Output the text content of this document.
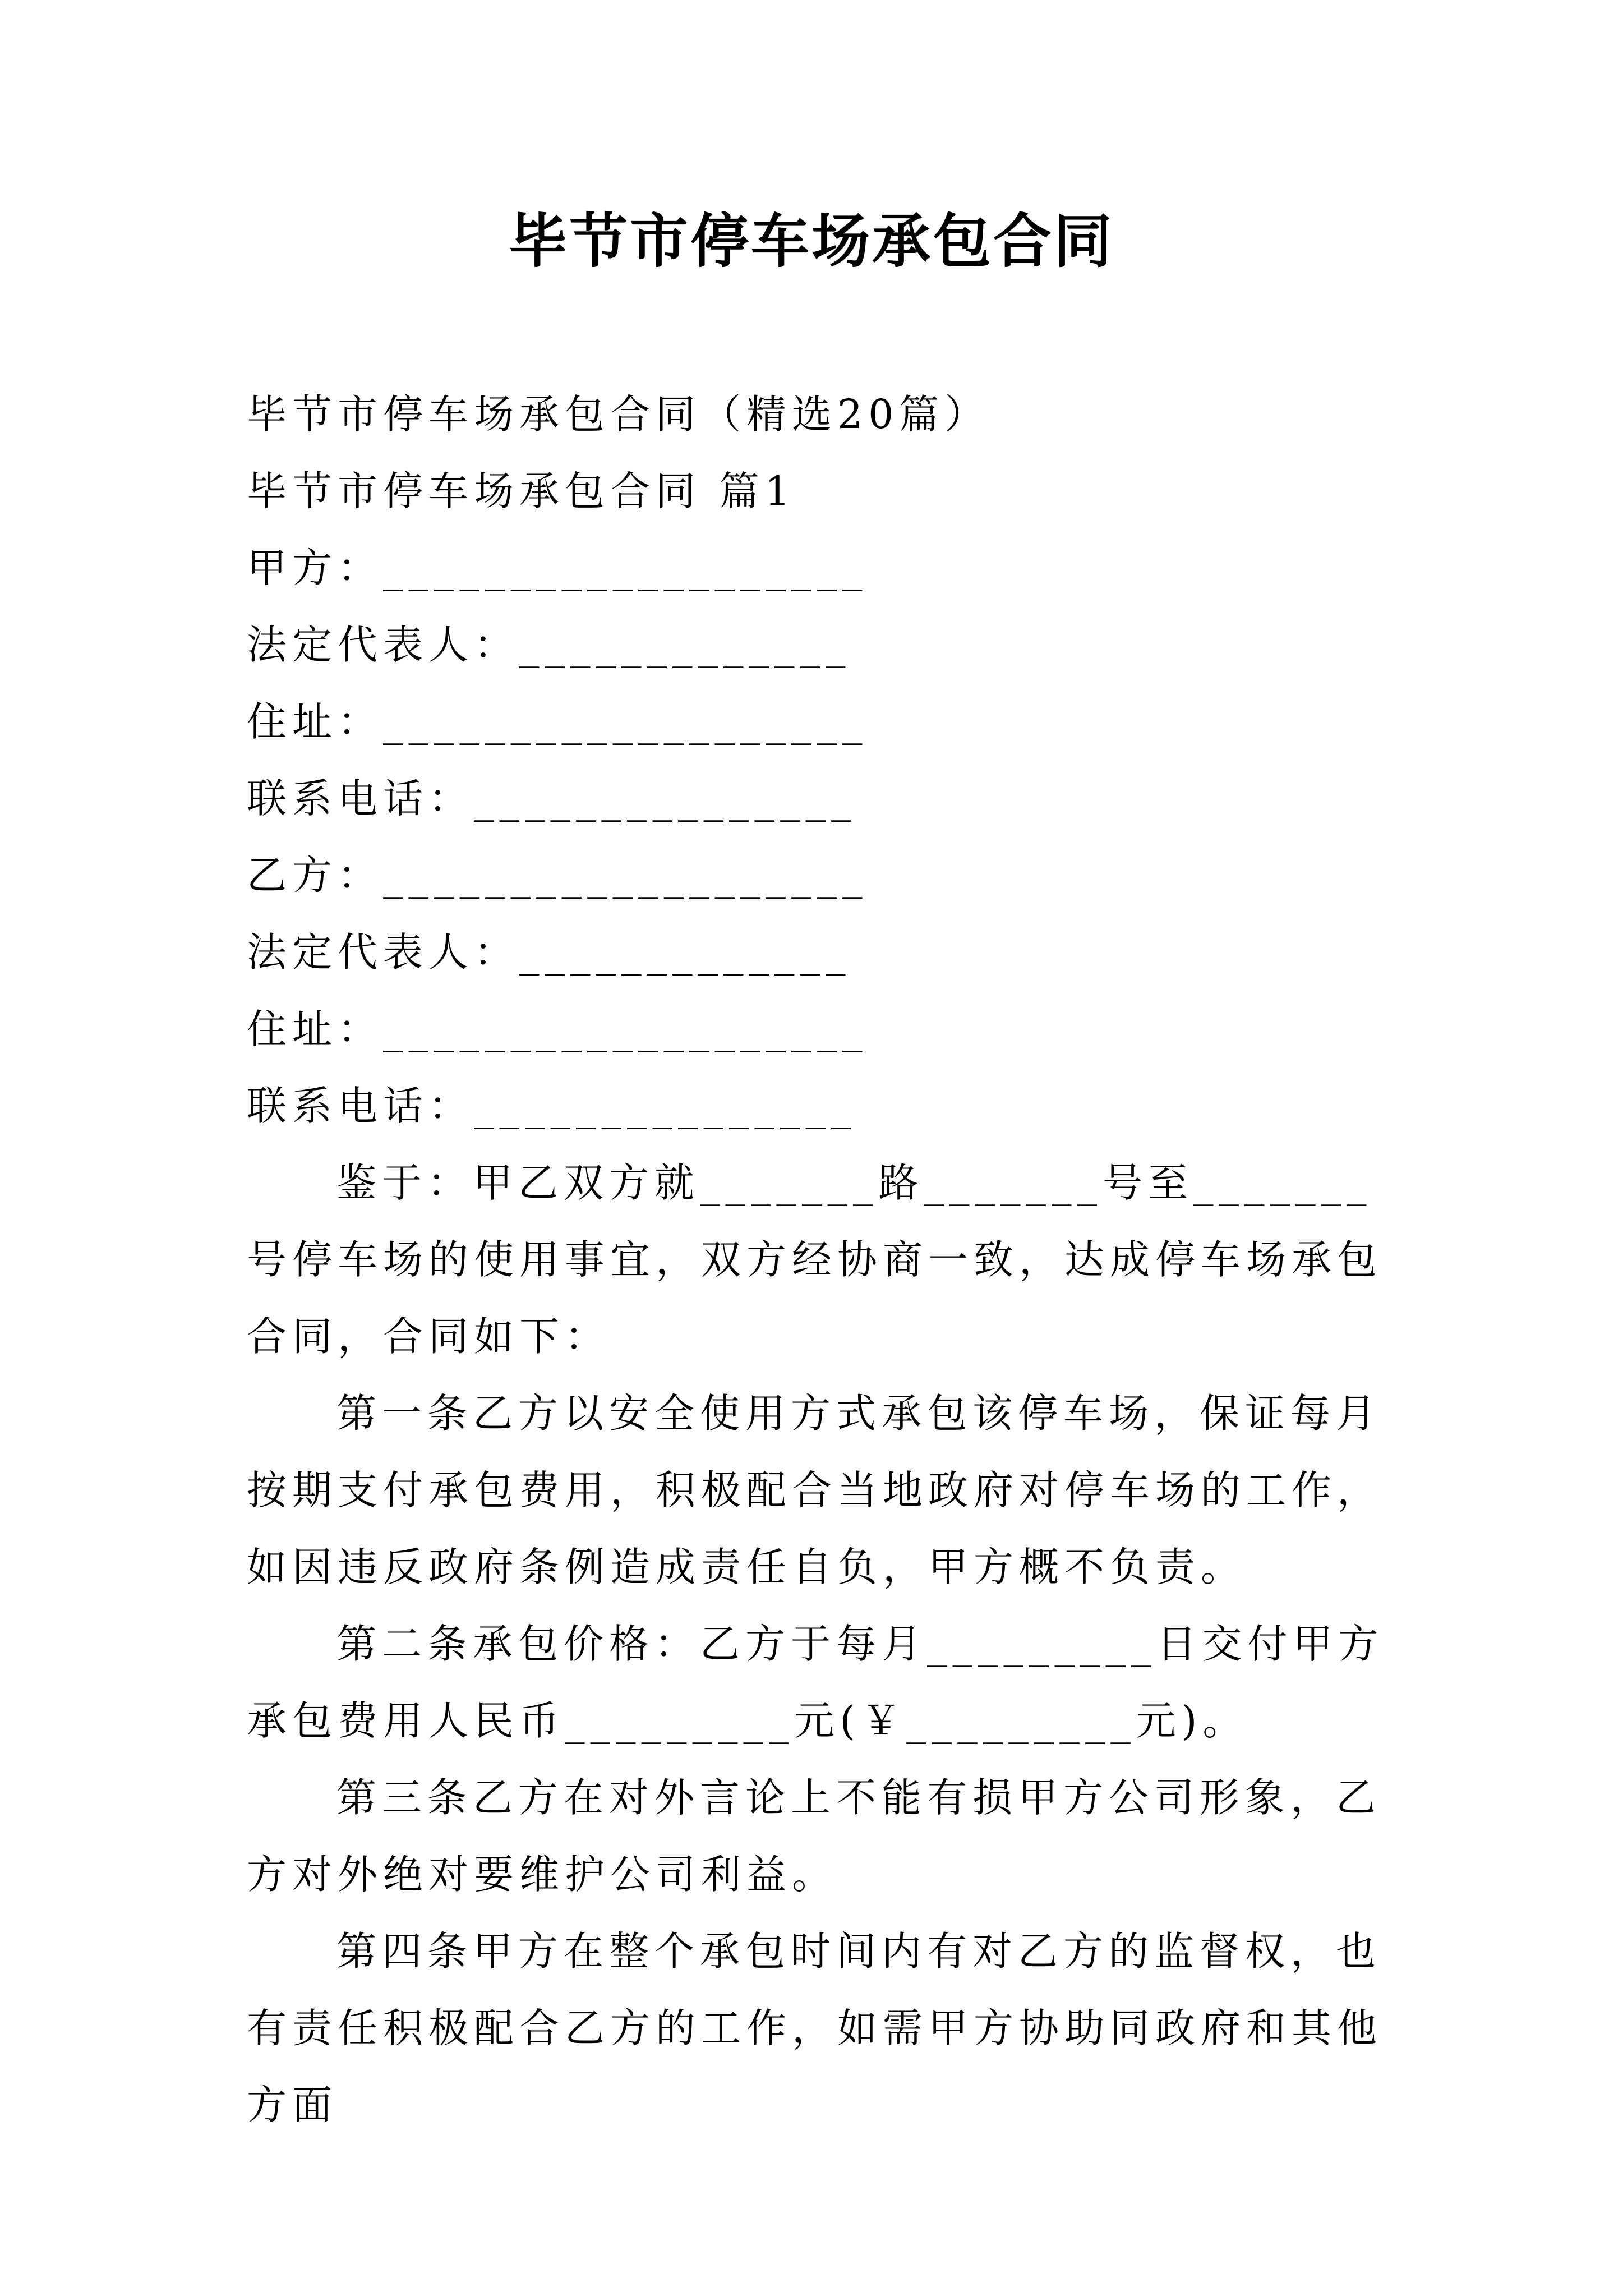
毕节市停车场承包合同

毕节市停车场承包合同（精选20篇）

毕节市停车场承包合同 篇1

甲方：___________________

法定代表人：_____________

住址：___________________

联系电话：_______________

乙方：___________________

法定代表人：_____________

住址：___________________

联系电话：_______________

鉴于：甲乙双方就_______路_______号至_______号停车场的使用事宜，双方经协商一致，达成停车场承包合同，合同如下：

第一条乙方以安全使用方式承包该停车场，保证每月按期支付承包费用，积极配合当地政府对停车场的工作，如因违反政府条例造成责任自负，甲方概不负责。

第二条承包价格：乙方于每月_________日交付甲方承包费用人民币_________元(￥_________元)。

第三条乙方在对外言论上不能有损甲方公司形象，乙方对外绝对要维护公司利益。

第四条甲方在整个承包时间内有对乙方的监督权，也有责任积极配合乙方的工作，如需甲方协助同政府和其他方面
